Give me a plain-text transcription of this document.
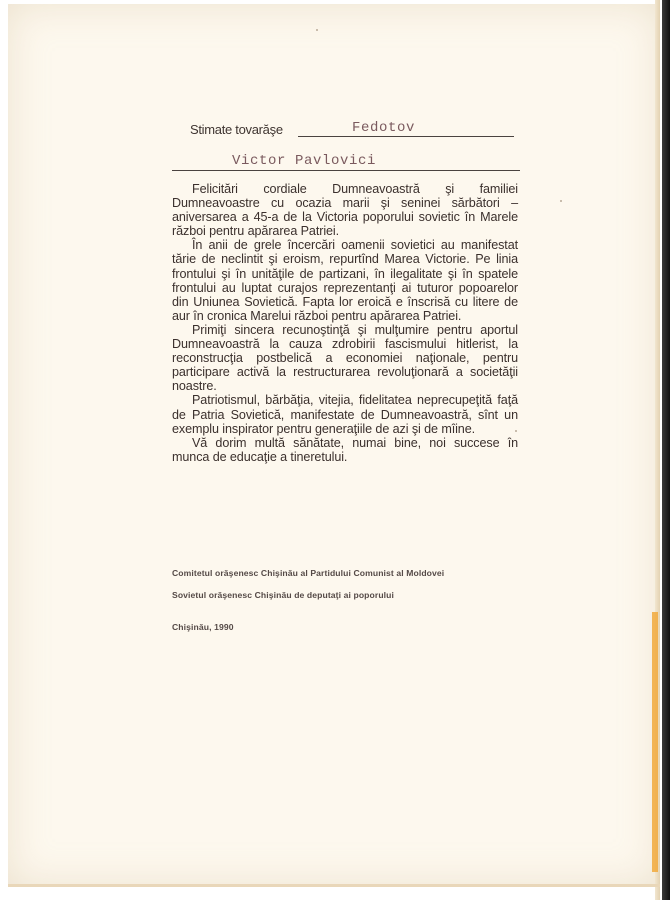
Stimate tovarăşe	Fedotov
Victor Pavlovici

Felicitări cordiale Dumneavoastră şi familiei Dumneavoastre cu ocazia marii şi seninei sărbători – aniversarea a 45-a de la Victoria poporului sovietic în Marele război pentru apărarea Patriei.

În anii de grele încercări oamenii sovietici au manifestat tărie de neclintit şi eroism, repurtînd Marea Victorie. Pe linia frontului şi în unităţile de partizani, în ilegalitate şi în spatele frontului au luptat curajos reprezentanţi ai tuturor popoarelor din Uniunea Sovietică. Fapta lor eroică e înscrisă cu litere de aur în cronica Marelui război pentru apărarea Patriei.

Primiţi sincera recunoştinţă şi mulţumire pentru aportul Dumneavoastră la cauza zdrobirii fascismului hitlerist, la reconstrucţia postbelică a economiei naţionale, pentru participare activă la restructurarea revoluţionară a societăţii noastre.

Patriotismul, bărbăţia, vitejia, fidelitatea neprecupeţită faţă de Patria Sovietică, manifestate de Dumneavoastră, sînt un exemplu inspirator pentru generaţiile de azi şi de mîine.

Vă dorim multă sănătate, numai bine, noi succese în munca de educaţie a tineretului.

Comitetul orăşenesc Chişinău al Partidului Comunist al Moldovei
Sovietul orăşenesc Chişinău de deputaţi ai poporului
Chişinău, 1990
